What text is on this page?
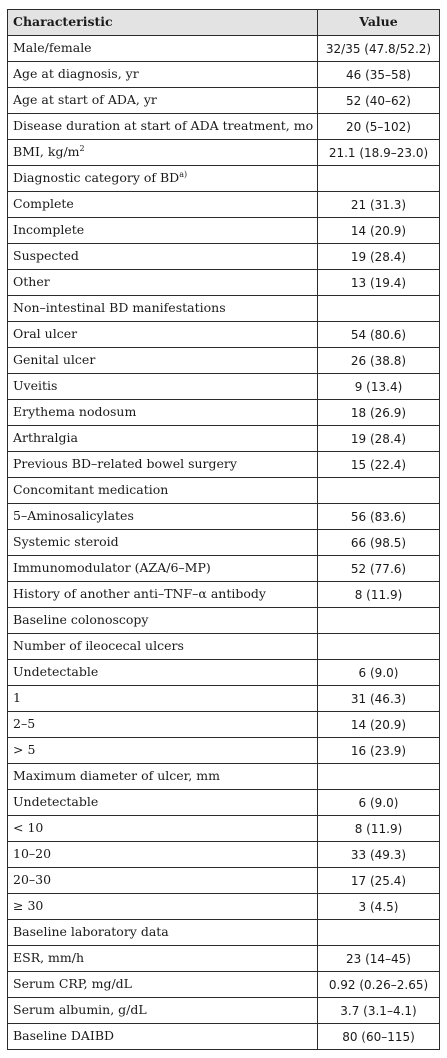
Characteristic	Value
Male/female	32/35 (47.8/52.2)
Age at diagnosis, yr	46 (35–58)
Age at start of ADA, yr	52 (40–62)
Disease duration at start of ADA treatment, mo	20 (5–102)
BMI, $kg/m^2$	21.1 (18.9–23.0)
Diagnostic category of BD$^{a)}$	
Complete	21 (31.3)
Incomplete	14 (20.9)
Suspected	19 (28.4)
Other	13 (19.4)
Non–intestinal BD manifestations	
Oral ulcer	54 (80.6)
Genital ulcer	26 (38.8)
Uveitis	9 (13.4)
Erythema nodosum	18 (26.9)
Arthralgia	19 (28.4)
Previous BD–related bowel surgery	15 (22.4)
Concomitant medication	
5–Aminosalicylates	56 (83.6)
Systemic steroid	66 (98.5)
Immunomodulator (AZA/6–MP)	52 (77.6)
History of another anti–TNF–α antibody	8 (11.9)
Baseline colonoscopy	
Number of ileocecal ulcers	
Undetectable	6 (9.0)
1	31 (46.3)
2–5	14 (20.9)
> 5	16 (23.9)
Maximum diameter of ulcer, mm	
Undetectable	6 (9.0)
< 10	8 (11.9)
10–20	33 (49.3)
20–30	17 (25.4)
≥ 30	3 (4.5)
Baseline laboratory data	
ESR, mm/h	23 (14–45)
Serum CRP, mg/dL	0.92 (0.26–2.65)
Serum albumin, g/dL	3.7 (3.1–4.1)
Baseline DAIBD	80 (60–115)
